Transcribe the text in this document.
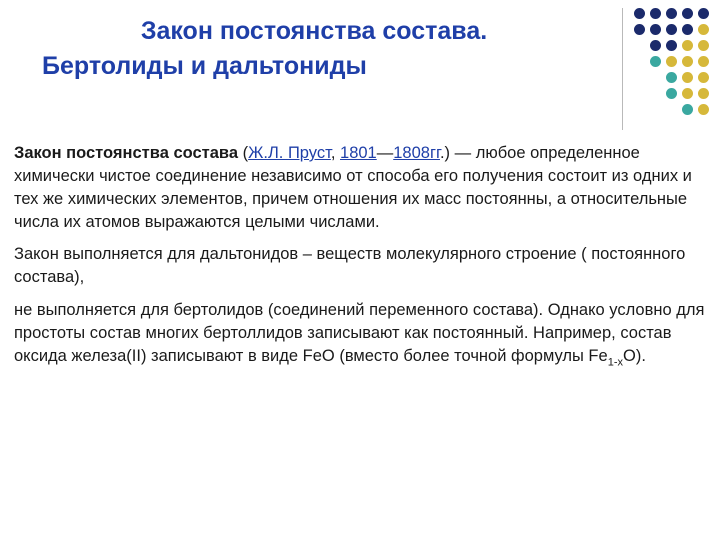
Закон постоянства состава.
Бертолиды и дальтониды

Закон постоянства состава (Ж.Л. Пруст, 1801—1808гг.) — любое определенное химически чистое соединение независимо от способа его получения состоит из одних и тех же химических элементов, причем отношения их масс постоянны, а относительные числа их атомов выражаются целыми числами.

Закон выполняется для дальтонидов – веществ молекулярного строение ( постоянного состава),

не выполняется для бертолидов (соединений переменного состава). Однако условно для простоты состав многих бертоллидов записывают как постоянный. Например, состав оксида железа(II) записывают в виде FeO (вместо более точной формулы $Fe_{1-x}O$).
